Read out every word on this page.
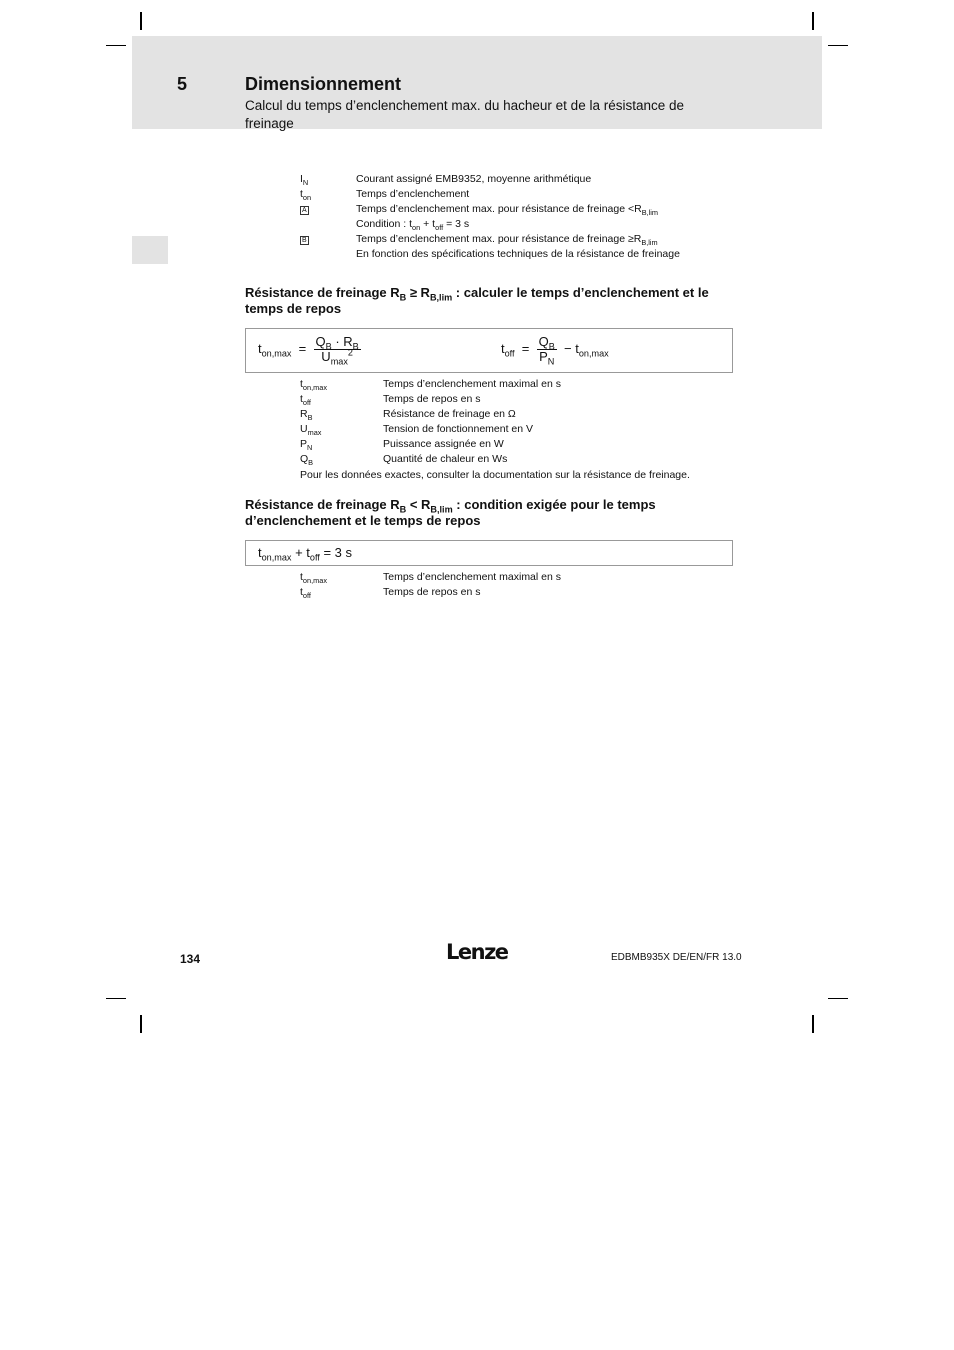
5	Dimensionnement
Calcul du temps d’enclenchement max. du hacheur et de la résistance de freinage
$I_N$	Courant assigné EMB9352, moyenne arithmétique
$t_{on}$	Temps d’enclenchement
A	Temps d’enclenchement max. pour résistance de freinage $<R_{B,lim}$
Condition : $t_{on} + t_{off} = 3$ s
B	Temps d’enclenchement max. pour résistance de freinage $\ge R_{B,lim}$
En fonction des spécifications techniques de la résistance de freinage
Résistance de freinage $R_B \ge R_{B,lim}$ : calculer le temps d’enclenchement et le temps de repos
$t_{on,max} = \frac{Q_B \cdot R_B}{U_{max}^2}$	$t_{off} = \frac{Q_B}{P_N} - t_{on,max}$
$t_{on,max}$	Temps d’enclenchement maximal en s
$t_{off}$	Temps de repos en s
$R_B$	Résistance de freinage en Ω
$U_{max}$	Tension de fonctionnement en V
$P_N$	Puissance assignée en W
$Q_B$	Quantité de chaleur en Ws
Pour les données exactes, consulter la documentation sur la résistance de freinage.
Résistance de freinage $R_B < R_{B,lim}$ : condition exigée pour le temps d’enclenchement et le temps de repos
$t_{on,max} + t_{off} = 3$ s
$t_{on,max}$	Temps d’enclenchement maximal en s
$t_{off}$	Temps de repos en s
134	Lenze	EDBMB935X DE/EN/FR 13.0
